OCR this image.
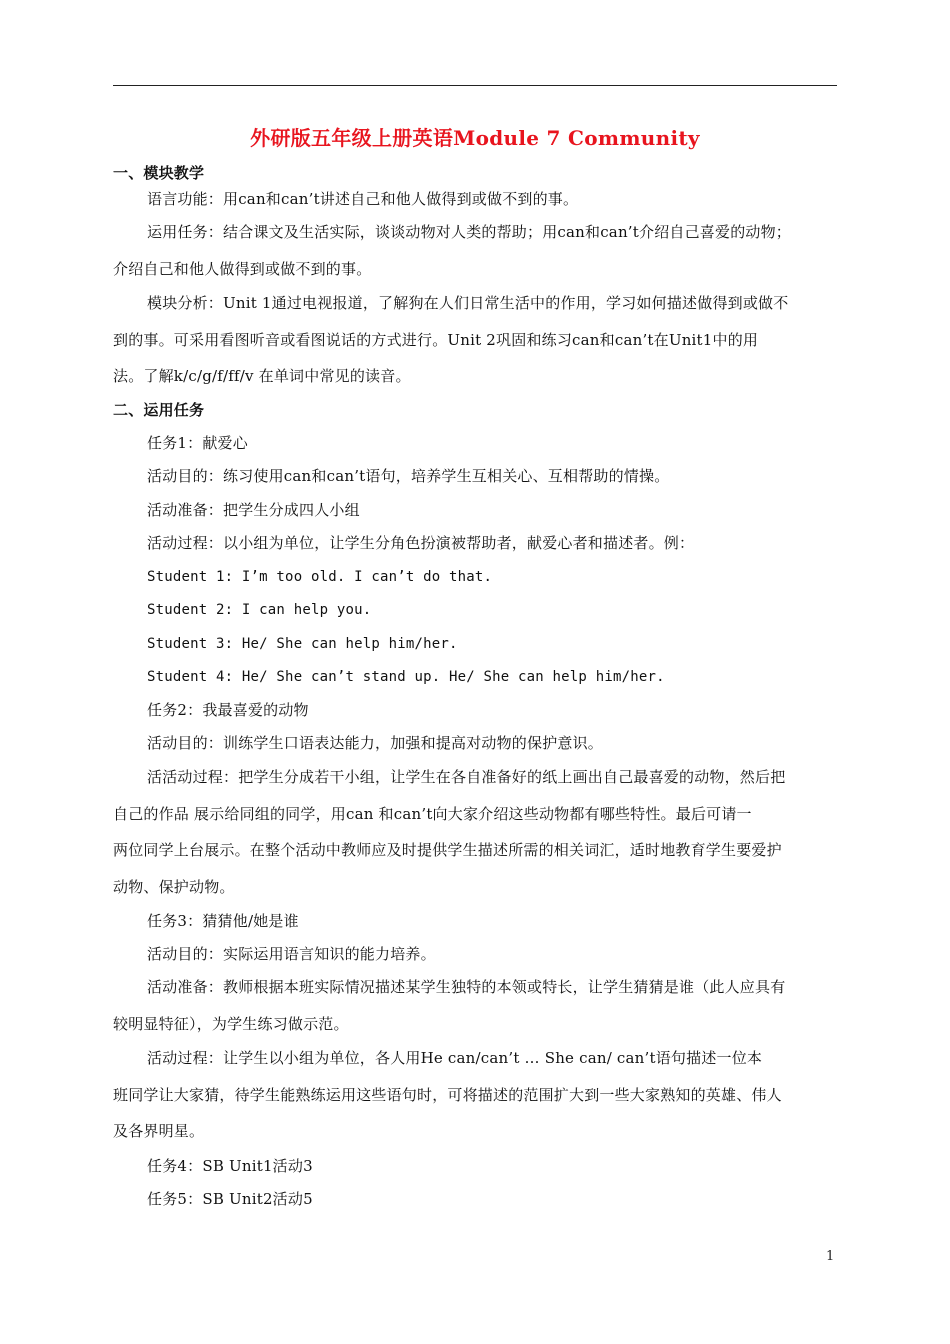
外研版五年级上册英语Module 7 Community
一、模块教学
语言功能：用can和can’t讲述自己和他人做得到或做不到的事。
运用任务：结合课文及生活实际，谈谈动物对人类的帮助；用can和can’t介绍自己喜爱的动物；
介绍自己和他人做得到或做不到的事。
模块分析：Unit 1通过电视报道，了解狗在人们日常生活中的作用，学习如何描述做得到或做不
到的事。可采用看图听音或看图说话的方式进行。Unit 2巩固和练习can和can’t在Unit1中的用
法。了解k/c/g/f/ff/v 在单词中常见的读音。
二、运用任务
任务1：献爱心
活动目的：练习使用can和can’t语句，培养学生互相关心、互相帮助的情操。
活动准备：把学生分成四人小组
活动过程：以小组为单位，让学生分角色扮演被帮助者，献爱心者和描述者。例：
Student 1: I’m too old. I can’t do that.
Student 2: I can help you.
Student 3: He/ She can help him/her.
Student 4: He/ She can’t stand up. He/ She can help him/her.
任务2：我最喜爱的动物
活动目的：训练学生口语表达能力，加强和提高对动物的保护意识。
活活动过程：把学生分成若干小组，让学生在各自准备好的纸上画出自己最喜爱的动物，然后把
自己的作品 展示给同组的同学，用can 和can’t向大家介绍这些动物都有哪些特性。最后可请一
两位同学上台展示。在整个活动中教师应及时提供学生描述所需的相关词汇，适时地教育学生要爱护
动物、保护动物。
任务3：猜猜他/她是谁
活动目的：实际运用语言知识的能力培养。
活动准备：教师根据本班实际情况描述某学生独特的本领或特长，让学生猜猜是谁（此人应具有
较明显特征），为学生练习做示范。
活动过程：让学生以小组为单位，各人用He can/can’t … She can/ can’t语句描述一位本
班同学让大家猜，待学生能熟练运用这些语句时，可将描述的范围扩大到一些大家熟知的英雄、伟人
及各界明星。
任务4：SB Unit1活动3
任务5：SB Unit2活动5
1
